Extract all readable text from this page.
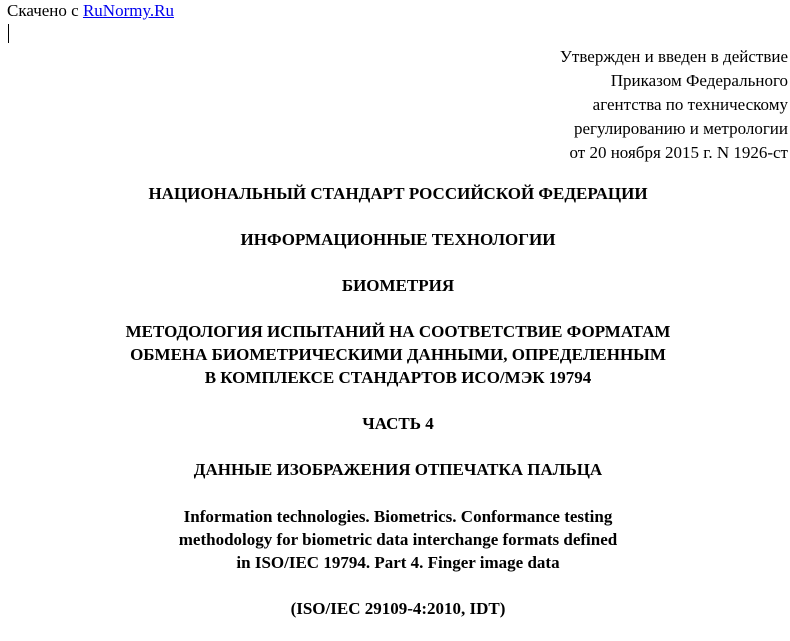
Скачено с RuNormy.Ru
Утвержден и введен в действие
Приказом Федерального
агентства по техническому
регулированию и метрологии
от 20 ноября 2015 г. N 1926-ст
НАЦИОНАЛЬНЫЙ СТАНДАРТ РОССИЙСКОЙ ФЕДЕРАЦИИ
ИНФОРМАЦИОННЫЕ ТЕХНОЛОГИИ
БИОМЕТРИЯ
МЕТОДОЛОГИЯ ИСПЫТАНИЙ НА СООТВЕТСТВИЕ ФОРМАТАМ
ОБМЕНА БИОМЕТРИЧЕСКИМИ ДАННЫМИ, ОПРЕДЕЛЕННЫМ
В КОМПЛЕКСЕ СТАНДАРТОВ ИСО/МЭК 19794
ЧАСТЬ 4
ДАННЫЕ ИЗОБРАЖЕНИЯ ОТПЕЧАТКА ПАЛЬЦА
Information technologies. Biometrics. Conformance testing
methodology for biometric data interchange formats defined
in ISO/IEC 19794. Part 4. Finger image data
(ISO/IEC 29109-4:2010, IDT)
